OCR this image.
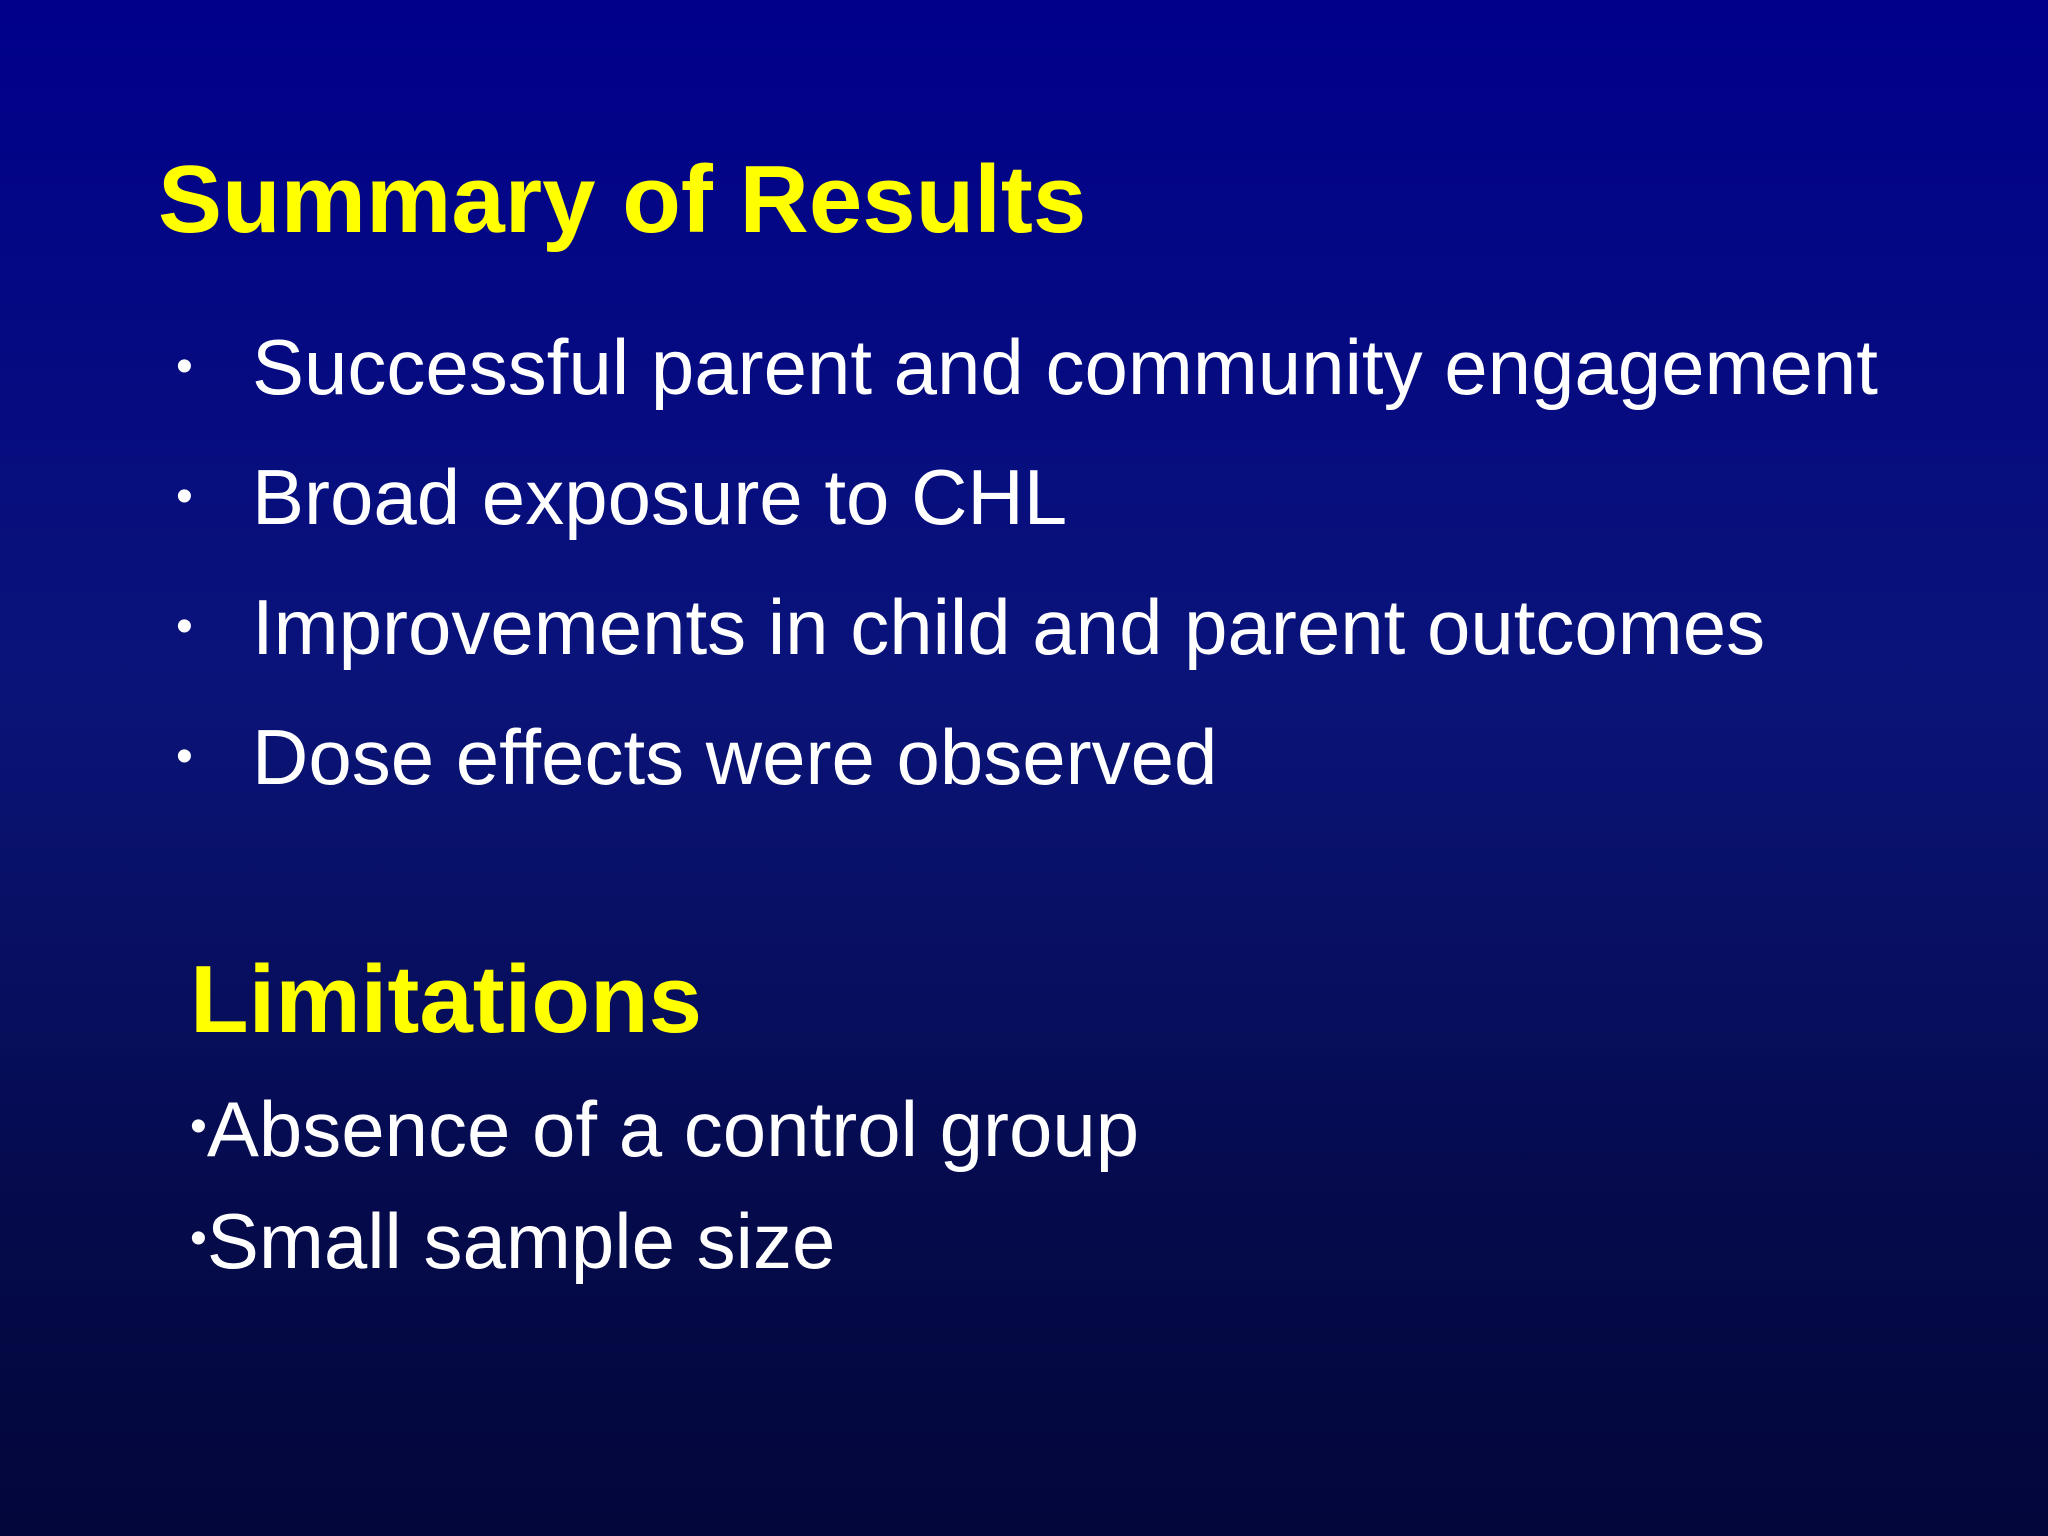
Summary of Results
• Successful parent and community engagement
• Broad exposure to CHL
• Improvements in child and parent outcomes
• Dose effects were observed
Limitations
•Absence of a control group
•Small sample size
